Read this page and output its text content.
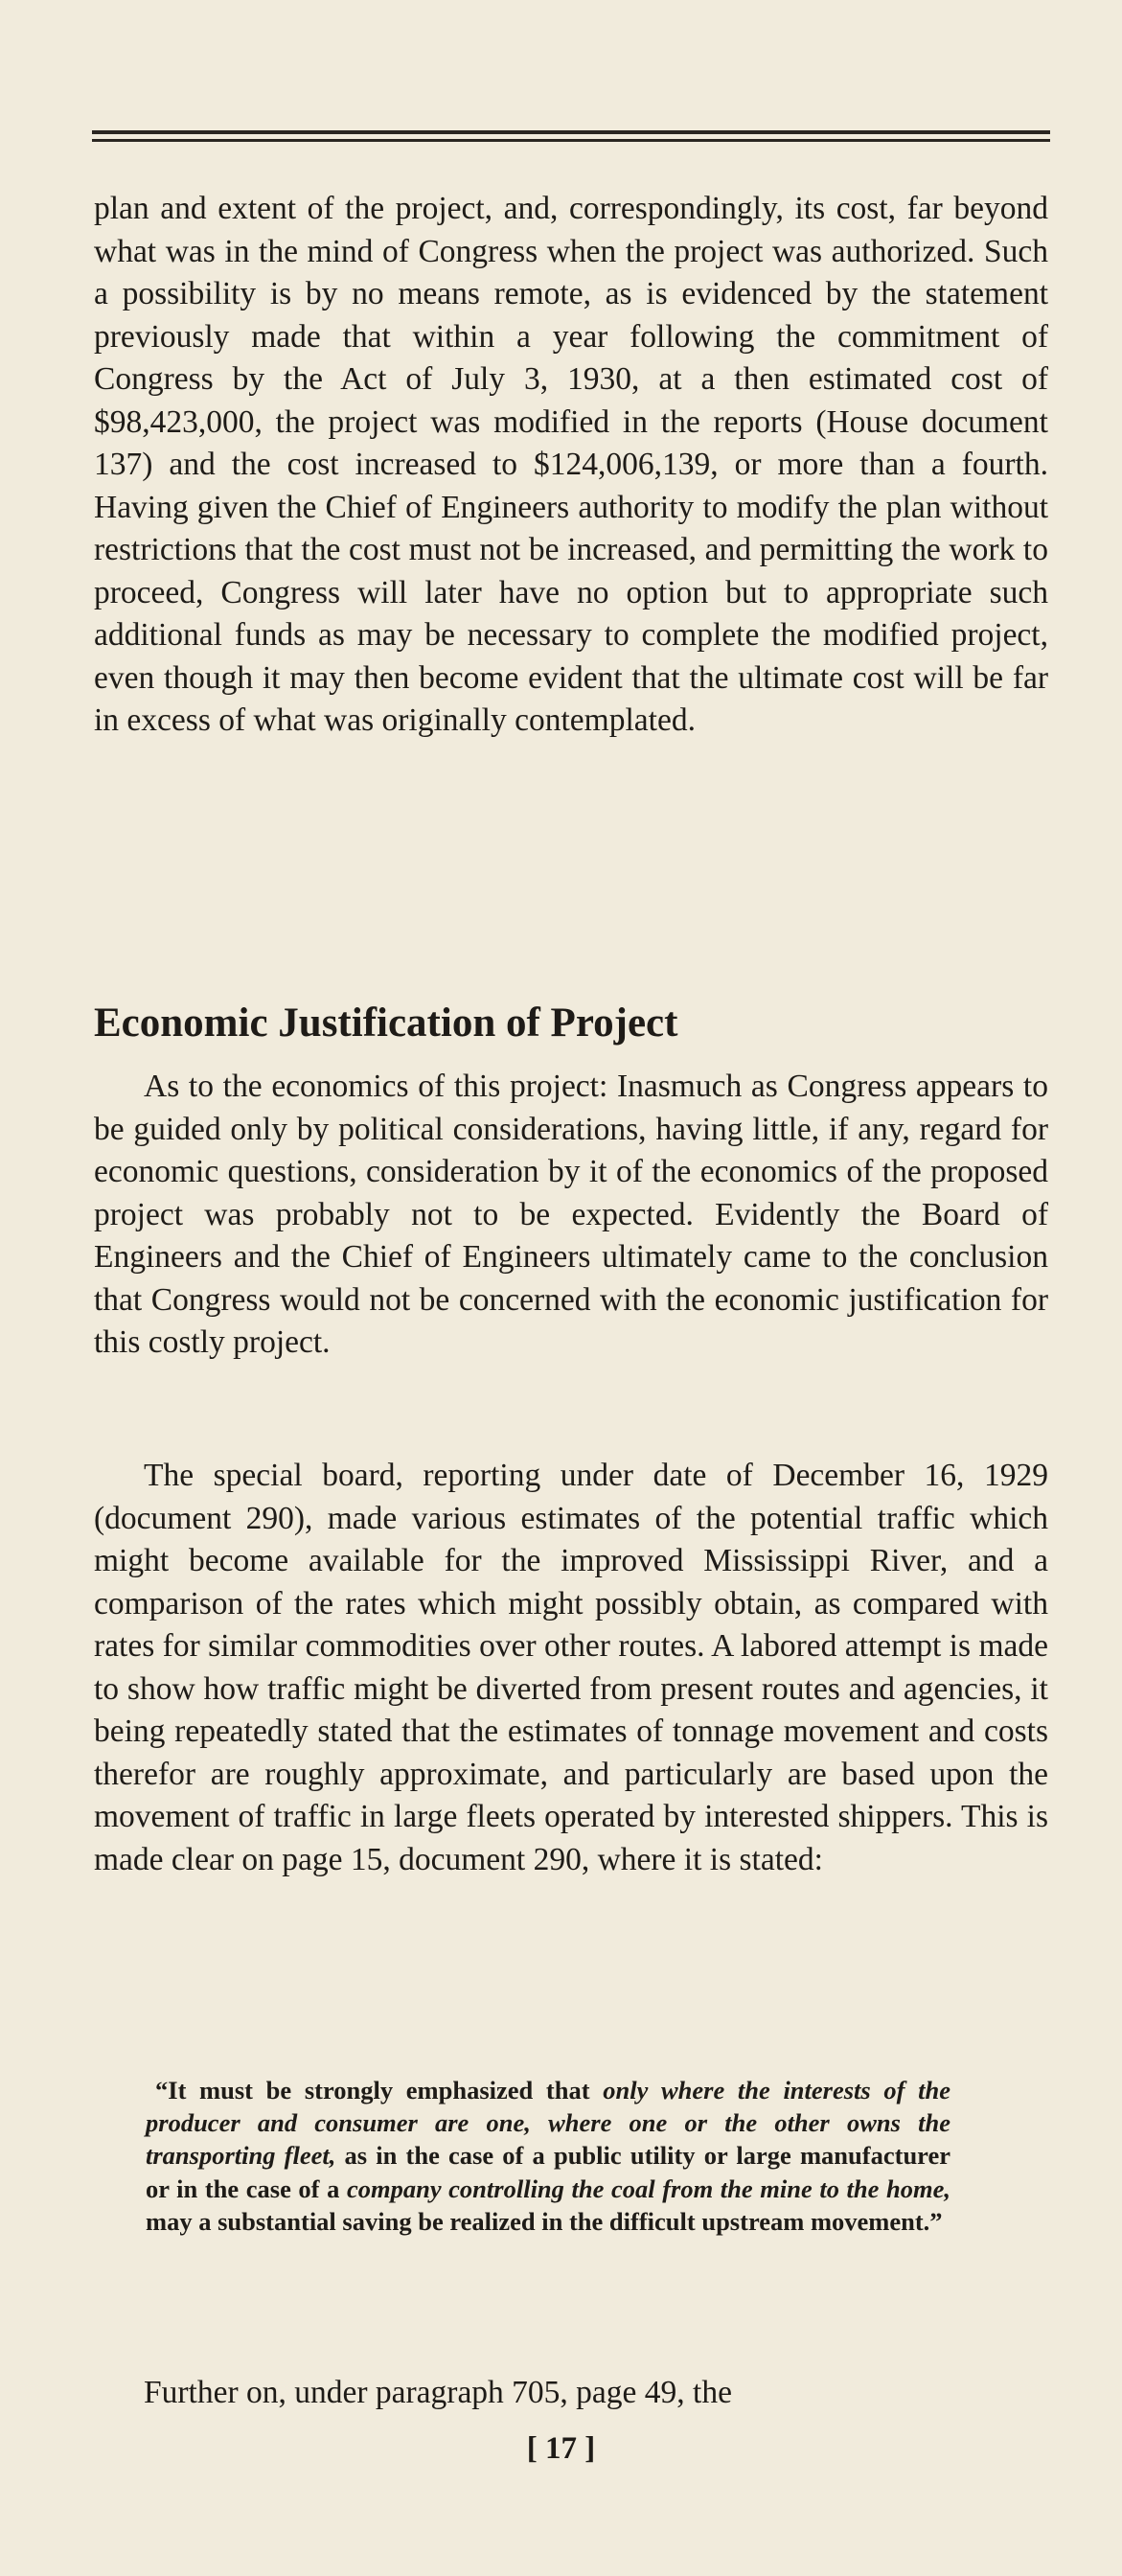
plan and extent of the project, and, correspondingly, its cost, far beyond what was in the mind of Congress when the project was authorized. Such a possibility is by no means remote, as is evidenced by the statement previously made that within a year following the commitment of Congress by the Act of July 3, 1930, at a then estimated cost of $98,423,000, the project was modified in the reports (House document 137) and the cost increased to $124,006,139, or more than a fourth. Having given the Chief of Engineers authority to modify the plan without restrictions that the cost must not be increased, and permitting the work to proceed, Congress will later have no option but to appropriate such additional funds as may be necessary to complete the modified project, even though it may then become evident that the ultimate cost will be far in excess of what was originally contemplated.

Economic Justification of Project

As to the economics of this project: Inasmuch as Congress appears to be guided only by political considerations, having little, if any, regard for economic questions, consideration by it of the economics of the proposed project was probably not to be expected. Evidently the Board of Engineers and the Chief of Engineers ultimately came to the conclusion that Congress would not be concerned with the economic justification for this costly project.

The special board, reporting under date of December 16, 1929 (document 290), made various estimates of the potential traffic which might become available for the improved Mississippi River, and a comparison of the rates which might possibly obtain, as compared with rates for similar commodities over other routes. A labored attempt is made to show how traffic might be diverted from present routes and agencies, it being repeatedly stated that the estimates of tonnage movement and costs therefor are roughly approximate, and particularly are based upon the movement of traffic in large fleets operated by interested shippers. This is made clear on page 15, document 290, where it is stated:

“It must be strongly emphasized that only where the interests of the producer and consumer are one, where one or the other owns the transporting fleet, as in the case of a public utility or large manufacturer or in the case of a company controlling the coal from the mine to the home, may a substantial saving be realized in the difficult upstream movement.”

Further on, under paragraph 705, page 49, the

[ 17 ]
